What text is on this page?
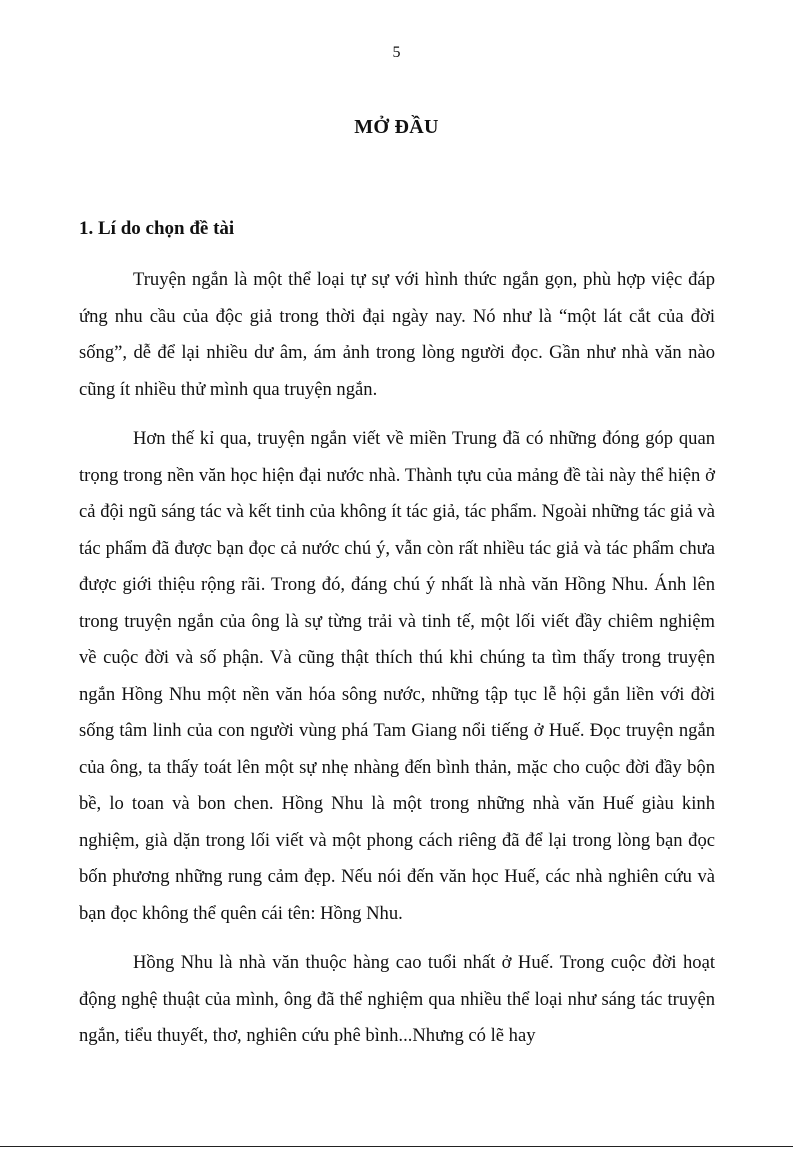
5
MỞ ĐẦU
1. Lí do chọn đề tài

Truyện ngắn là một thể loại tự sự với hình thức ngắn gọn, phù hợp việc đáp ứng nhu cầu của độc giả trong thời đại ngày nay. Nó như là “một lát cắt của đời sống”, dễ để lại nhiều dư âm, ám ảnh trong lòng người đọc. Gần như nhà văn nào cũng ít nhiều thử mình qua truyện ngắn.

Hơn thế kỉ qua, truyện ngắn viết về miền Trung đã có những đóng góp quan trọng trong nền văn học hiện đại nước nhà. Thành tựu của mảng đề tài này thể hiện ở cả đội ngũ sáng tác và kết tinh của không ít tác giả, tác phẩm. Ngoài những tác giả và tác phẩm đã được bạn đọc cả nước chú ý, vẫn còn rất nhiều tác giả và tác phẩm chưa được giới thiệu rộng rãi. Trong đó, đáng chú ý nhất là nhà văn Hồng Nhu. Ánh lên trong truyện ngắn của ông là sự từng trải và tinh tế, một lối viết đầy chiêm nghiệm về cuộc đời và số phận. Và cũng thật thích thú khi chúng ta tìm thấy trong truyện ngắn Hồng Nhu một nền văn hóa sông nước, những tập tục lễ hội gắn liền với đời sống tâm linh của con người vùng phá Tam Giang nổi tiếng ở Huế. Đọc truyện ngắn của ông, ta thấy toát lên một sự nhẹ nhàng đến bình thản, mặc cho cuộc đời đầy bộn bề, lo toan và bon chen. Hồng Nhu là một trong những nhà văn Huế giàu kinh nghiệm, già dặn trong lối viết và một phong cách riêng đã để lại trong lòng bạn đọc bốn phương những rung cảm đẹp. Nếu nói đến văn học Huế, các nhà nghiên cứu và bạn đọc không thể quên cái tên: Hồng Nhu.

Hồng Nhu là nhà văn thuộc hàng cao tuổi nhất ở Huế. Trong cuộc đời hoạt động nghệ thuật của mình, ông đã thể nghiệm qua nhiều thể loại như sáng tác truyện ngắn, tiểu thuyết, thơ, nghiên cứu phê bình...Nhưng có lẽ hay
